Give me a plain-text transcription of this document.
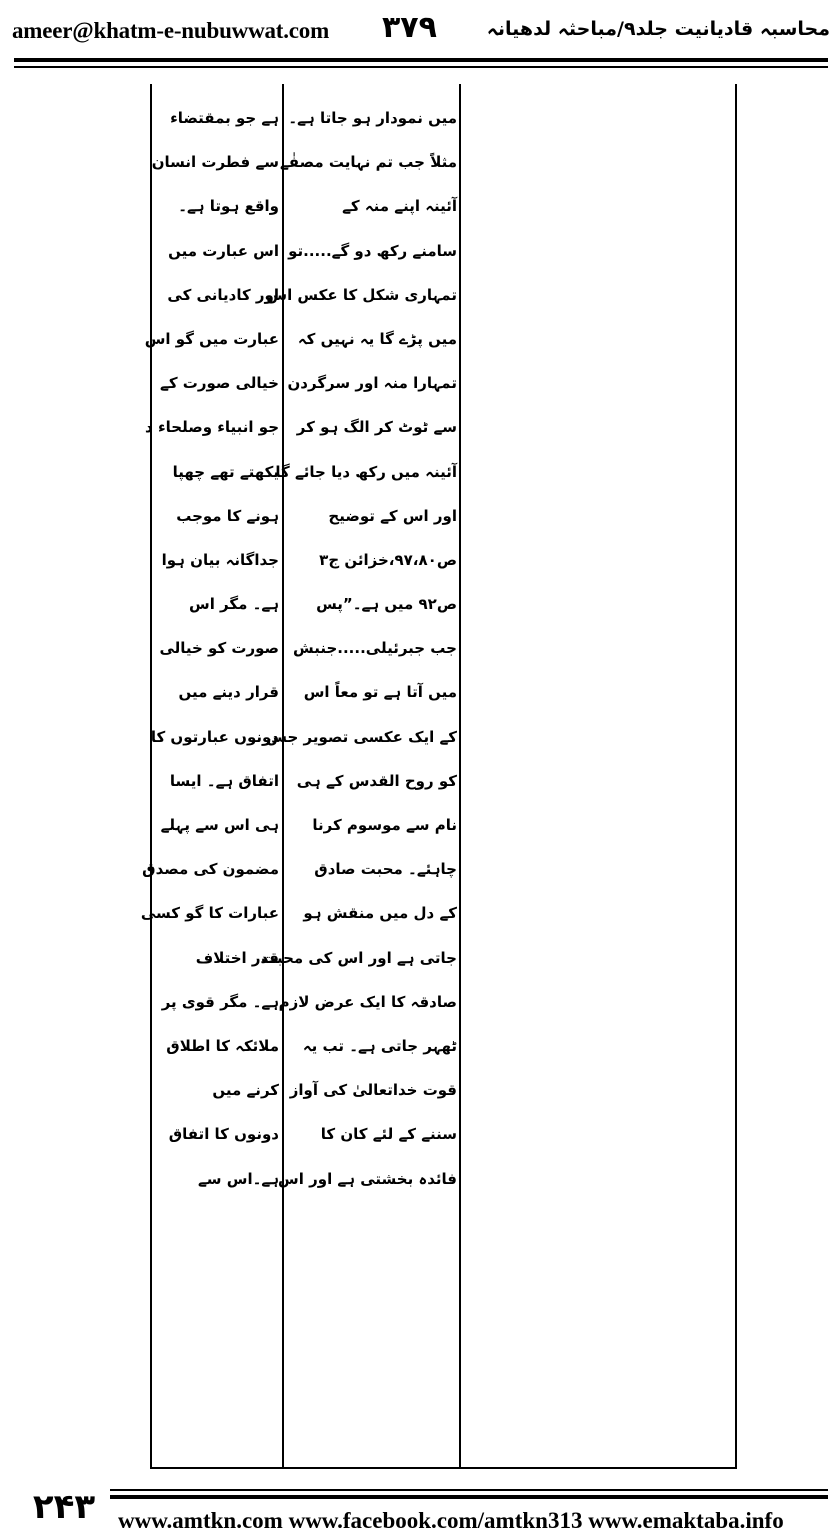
ameer@khatm-e-nubuwwat.com ۳۷۹	محاسبہ قادیانیت جلد۹/مباحثہ لدھیانہ
میں نمودار ہو جاتا ہے۔
مثلاً جب تم نہایت مصفٰے
آئینہ اپنے منہ کے
سامنے رکھ دو گے.....تو
تمہاری شکل کا عکس اس
میں پڑے گا یہ نہیں کہ
تمہارا منہ اور سرگردن
سے ٹوٹ کر الگ ہو کر
آئینہ میں رکھ دیا جائے گا
اور اس کے توضیح
ص۹۷،۸۰،خزائن ج۳
ص۹۲ میں ہے۔”پس
جب جبرئیلی.....جنبش
میں آتا ہے تو معاً اس
کے ایک عکسی تصویر جس
کو روح القدس کے ہی
نام سے موسوم کرنا
چاہئے۔ محبت صادق
کے دل میں منقش ہو
جاتی ہے اور اس کی محبت
صادقہ کا ایک عرض لازم
ٹھہر جاتی ہے۔ تب یہ
قوت خداتعالیٰ کی آواز
سننے کے لئے کان کا
فائدہ بخشتی ہے اور اس
ہے جو بمقتضاء
سے فطرت انسان
واقع ہوتا ہے۔
اس عبارت میں
اور کادیانی کی
عبارت میں گو اس
خیالی صورت کے
جو انبیاء وصلحاء د
یکھتے تھے چھپا
ہونے کا موجب
جداگانہ بیان ہوا
ہے۔ مگر اس
صورت کو خیالی
قرار دینے میں
دونوں عبارتوں کا
اتفاق ہے۔ ایسا
ہی اس سے پہلے
مضمون کی مصدق
عبارات کا گو کسی
قدر اختلاف
ہے۔ مگر قوی پر
ملائکہ کا اطلاق
کرنے میں
دونوں کا اتفاق
ہے۔اس سے
۲۴۳ www.amtkn.com www.facebook.com/amtkn313 www.emaktaba.info
